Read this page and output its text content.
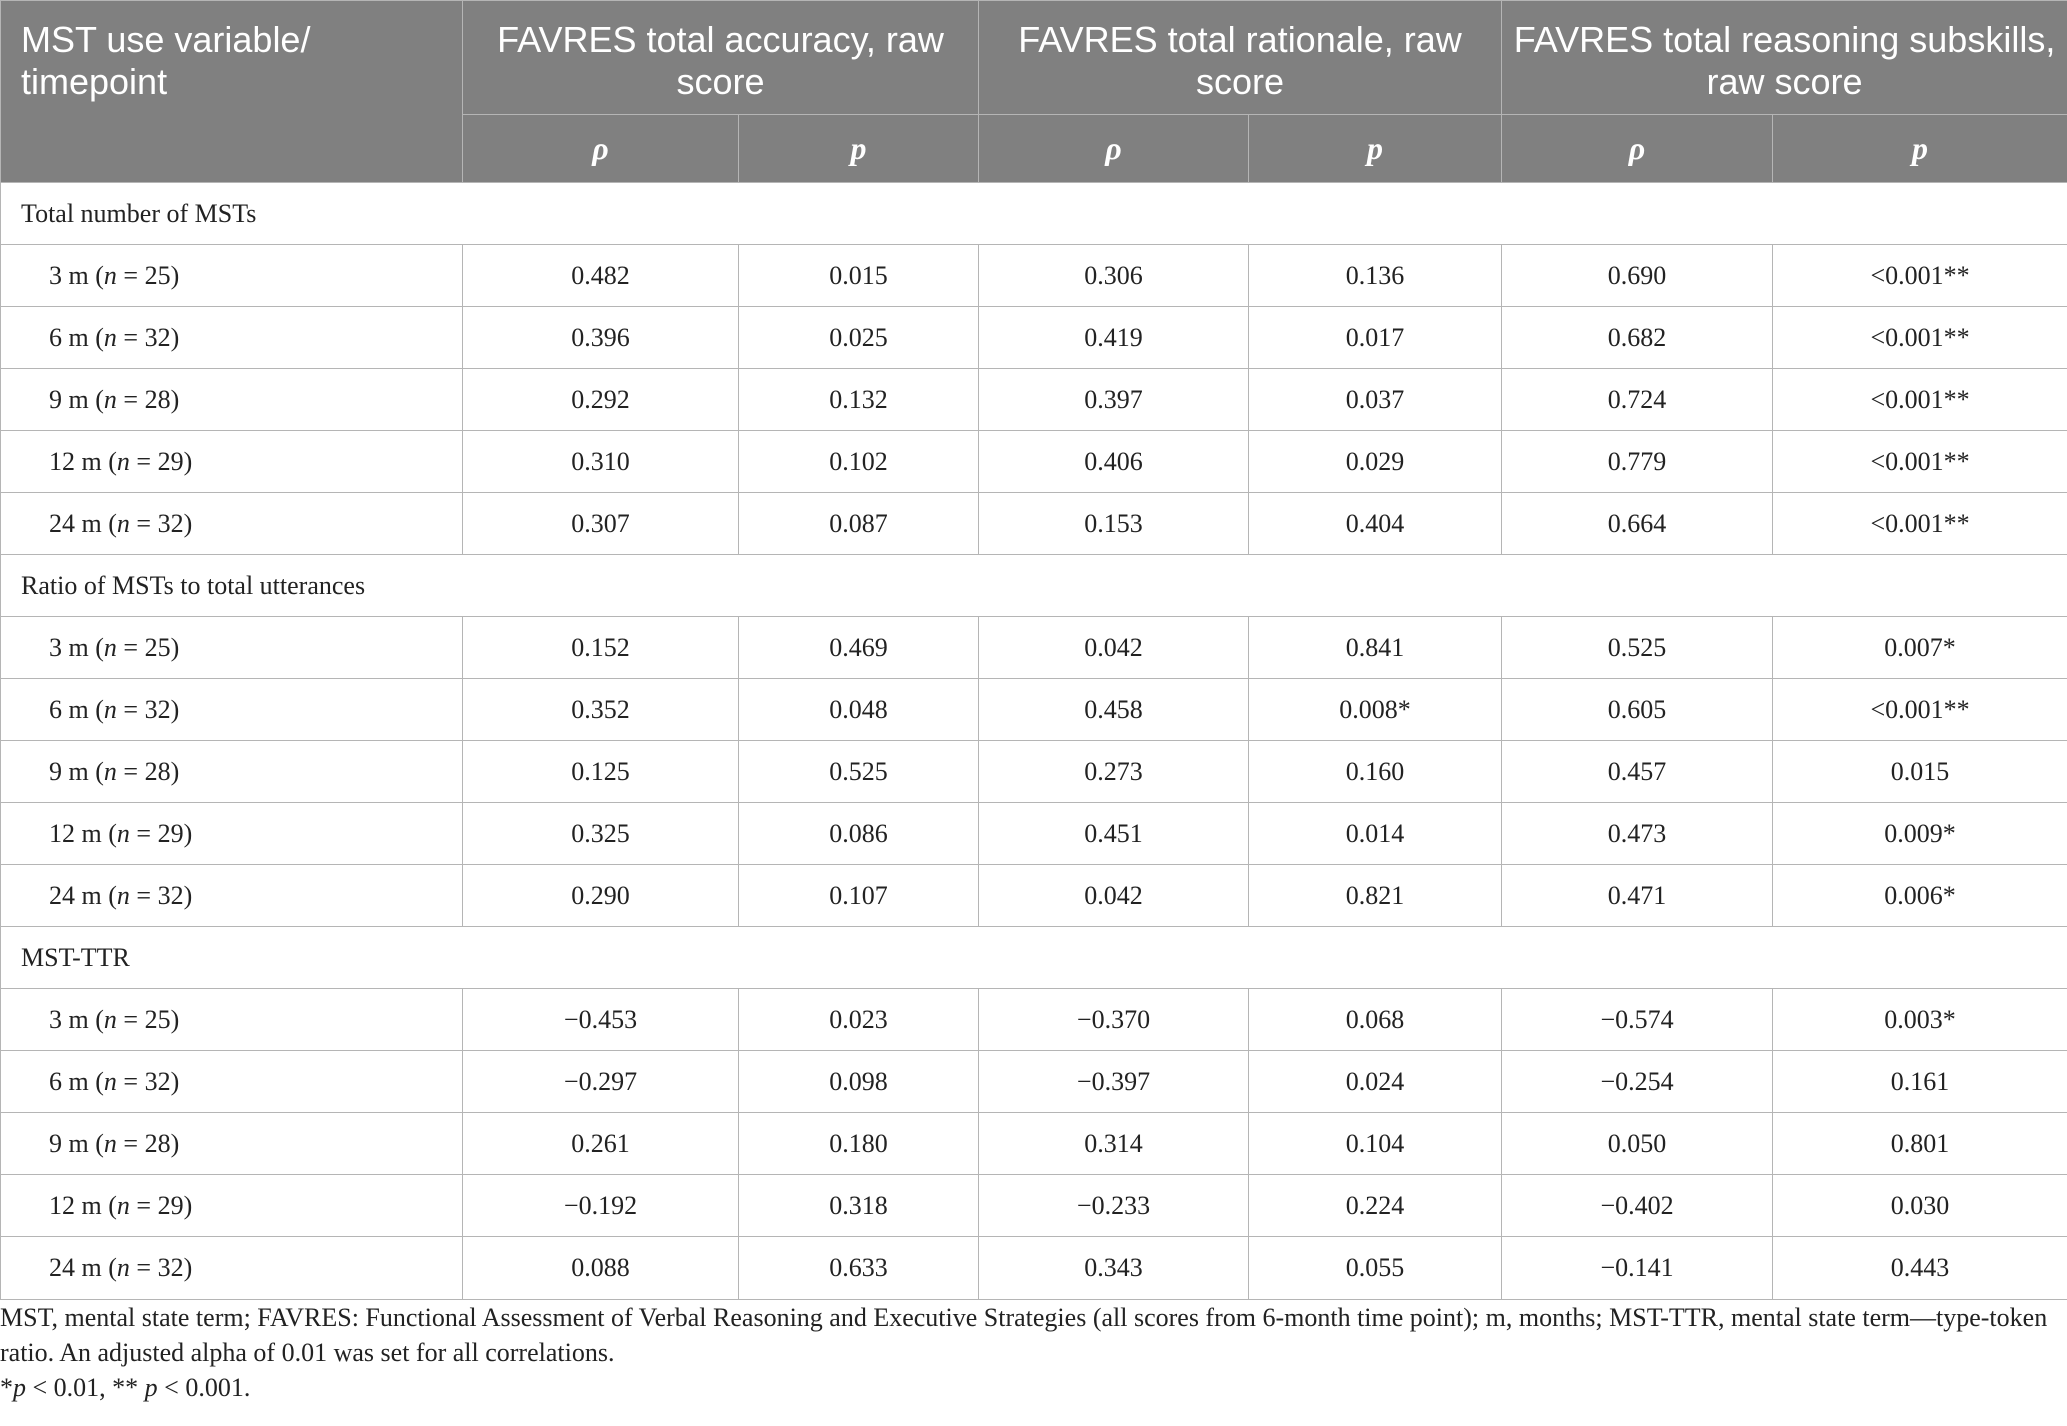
MST use variable/ timepoint	FAVRES total accuracy, raw score		FAVRES total rationale, raw score		FAVRES total reasoning subskills, raw score	
	ρ	p	ρ	p	ρ	p
Total number of MSTs						
3 m (n = 25)	0.482	0.015	0.306	0.136	0.690	<0.001**
6 m (n = 32)	0.396	0.025	0.419	0.017	0.682	<0.001**
9 m (n = 28)	0.292	0.132	0.397	0.037	0.724	<0.001**
12 m (n = 29)	0.310	0.102	0.406	0.029	0.779	<0.001**
24 m (n = 32)	0.307	0.087	0.153	0.404	0.664	<0.001**
Ratio of MSTs to total utterances						
3 m (n = 25)	0.152	0.469	0.042	0.841	0.525	0.007*
6 m (n = 32)	0.352	0.048	0.458	0.008*	0.605	<0.001**
9 m (n = 28)	0.125	0.525	0.273	0.160	0.457	0.015
12 m (n = 29)	0.325	0.086	0.451	0.014	0.473	0.009*
24 m (n = 32)	0.290	0.107	0.042	0.821	0.471	0.006*
MST-TTR						
3 m (n = 25)	−0.453	0.023	−0.370	0.068	−0.574	0.003*
6 m (n = 32)	−0.297	0.098	−0.397	0.024	−0.254	0.161
9 m (n = 28)	0.261	0.180	0.314	0.104	0.050	0.801
12 m (n = 29)	−0.192	0.318	−0.233	0.224	−0.402	0.030
24 m (n = 32)	0.088	0.633	0.343	0.055	−0.141	0.443

MST, mental state term; FAVRES: Functional Assessment of Verbal Reasoning and Executive Strategies (all scores from 6-month time point); m, months; MST-TTR, mental state term—type-token ratio. An adjusted alpha of 0.01 was set for all correlations.

*p < 0.01, ** p < 0.001.
